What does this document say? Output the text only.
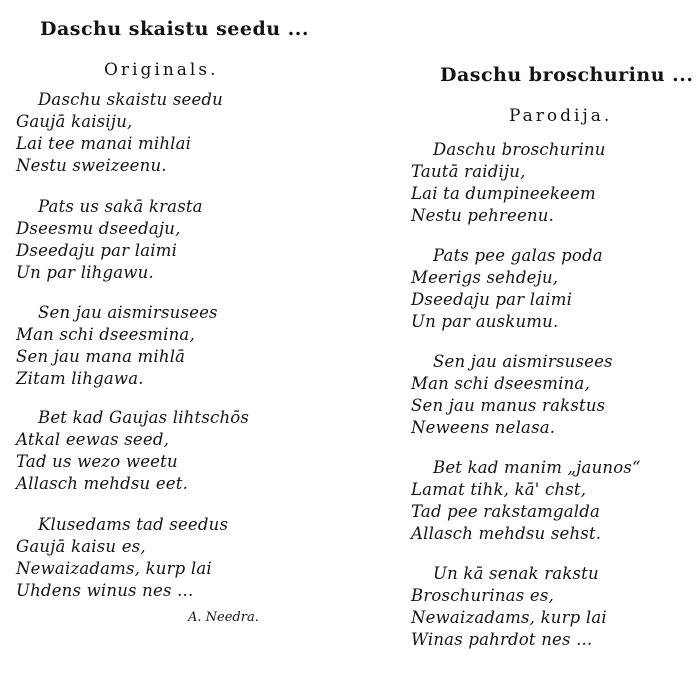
Daschu skaistu seedu ...
Originals.
Daschu skaistu seedu
Gaujā kaisiju,
Lai tee manai mihlai
Nestu sweizeenu.
Pats us sakā krasta
Dseesmu dseedaju,
Dseedaju par laimi
Un par lihgawu.
Sen jau aismirsusees
Man schi dseesmina,
Sen jau mana mihlā
Zitam lihgawa.
Bet kad Gaujas lihtschōs
Atkal eewas seed,
Tad us wezo weetu
Allasch mehdsu eet.
Klusedams tad seedus
Gaujā kaisu es,
Newaizadams, kurp lai
Uhdens winus nes ...
A. Needra.
Daschu broschurinu ...
Parodija.
Daschu broschurinu
Tautā raidiju,
Lai ta dumpineekeem
Nestu pehreenu.
Pats pee galas poda
Meerigs sehdeju,
Dseedaju par laimi
Un par auskumu.
Sen jau aismirsusees
Man schi dseesmina,
Sen jau manus rakstus
Neweens nelasa.
Bet kad manim „jaunos“
Lamat tihk, kā' chst,
Tad pee rakstamgalda
Allasch mehdsu sehst.
Un kā senak rakstu
Broschurinas es,
Newaizadams, kurp lai
Winas pahrdot nes ...
